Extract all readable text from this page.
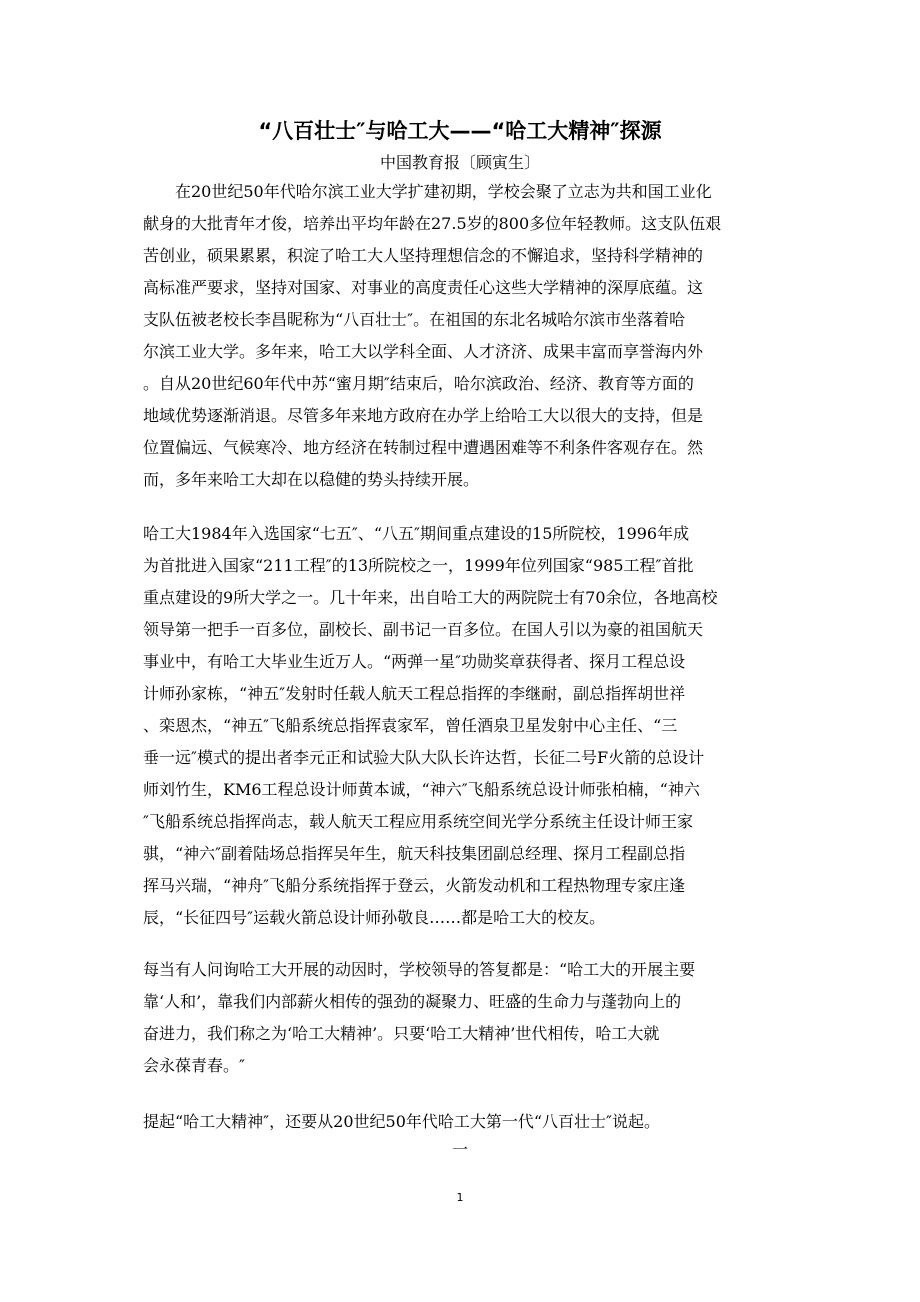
“八百壮士″与哈工大——“哈工大精神″探源
中国教育报〔顾寅生〕
在20世纪50年代哈尔滨工业大学扩建初期，学校会聚了立志为共和国工业化
献身的大批青年才俊，培养出平均年龄在27.5岁的800多位年轻教师。这支队伍艰
苦创业，硕果累累，积淀了哈工大人坚持理想信念的不懈追求，坚持科学精神的
高标准严要求，坚持对国家、对事业的高度责任心这些大学精神的深厚底蕴。这
支队伍被老校长李昌昵称为“八百壮士″。在祖国的东北名城哈尔滨市坐落着哈
尔滨工业大学。多年来，哈工大以学科全面、人才济济、成果丰富而享誉海内外
。自从20世纪60年代中苏“蜜月期″结束后，哈尔滨政治、经济、教育等方面的
地域优势逐渐消退。尽管多年来地方政府在办学上给哈工大以很大的支持，但是
位置偏远、气候寒冷、地方经济在转制过程中遭遇困难等不利条件客观存在。然
而，多年来哈工大却在以稳健的势头持续开展。
哈工大1984年入选国家“七五″、“八五″期间重点建设的15所院校，1996年成
为首批进入国家“211工程″的13所院校之一，1999年位列国家“985工程″首批
重点建设的9所大学之一。几十年来，出自哈工大的两院院士有70余位，各地高校
领导第一把手一百多位，副校长、副书记一百多位。在国人引以为豪的祖国航天
事业中，有哈工大毕业生近万人。“两弹一星″功勋奖章获得者、探月工程总设
计师孙家栋，“神五″发射时任载人航天工程总指挥的李继耐，副总指挥胡世祥
、栾恩杰，“神五″飞船系统总指挥袁家军，曾任酒泉卫星发射中心主任、“三
垂一远″模式的提出者李元正和试验大队大队长许达哲，长征二号F火箭的总设计
师刘竹生，KM6工程总设计师黄本诚，“神六″飞船系统总设计师张柏楠，“神六
″飞船系统总指挥尚志，载人航天工程应用系统空间光学分系统主任设计师王家
骐，“神六″副着陆场总指挥吴年生，航天科技集团副总经理、探月工程副总指
挥马兴瑞，“神舟″飞船分系统指挥于登云，火箭发动机和工程热物理专家庄逢
辰，“长征四号″运载火箭总设计师孙敬良……都是哈工大的校友。
每当有人问询哈工大开展的动因时，学校领导的答复都是：“哈工大的开展主要
靠‘人和’，靠我们内部薪火相传的强劲的凝聚力、旺盛的生命力与蓬勃向上的
奋进力，我们称之为‘哈工大精神’。只要‘哈工大精神’世代相传，哈工大就
会永葆青春。″
提起“哈工大精神″，还要从20世纪50年代哈工大第一代“八百壮士″说起。
一
1
